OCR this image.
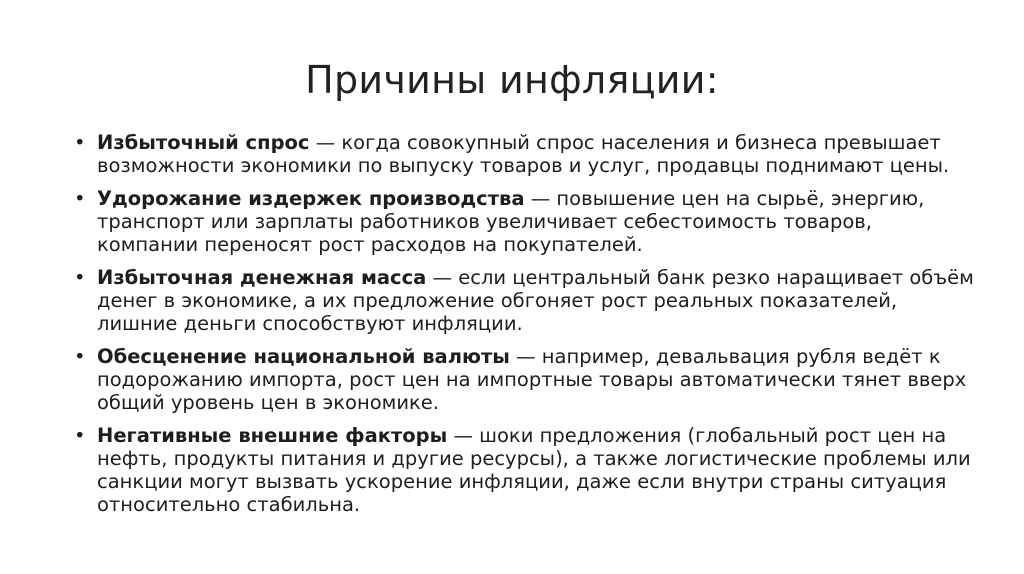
Причины инфляции:
• Избыточный спрос — когда совокупный спрос населения и бизнеса превышает возможности экономики по выпуску товаров и услуг, продавцы поднимают цены.
• Удорожание издержек производства — повышение цен на сырьё, энергию, транспорт или зарплаты работников увеличивает себестоимость товаров, компании переносят рост расходов на покупателей.
• Избыточная денежная масса — если центральный банк резко наращивает объём денег в экономике, а их предложение обгоняет рост реальных показателей, лишние деньги способствуют инфляции.
• Обесценение национальной валюты — например, девальвация рубля ведёт к подорожанию импорта, рост цен на импортные товары автоматически тянет вверх общий уровень цен в экономике.
• Негативные внешние факторы — шоки предложения (глобальный рост цен на нефть, продукты питания и другие ресурсы), а также логистические проблемы или санкции могут вызвать ускорение инфляции, даже если внутри страны ситуация относительно стабильна.
